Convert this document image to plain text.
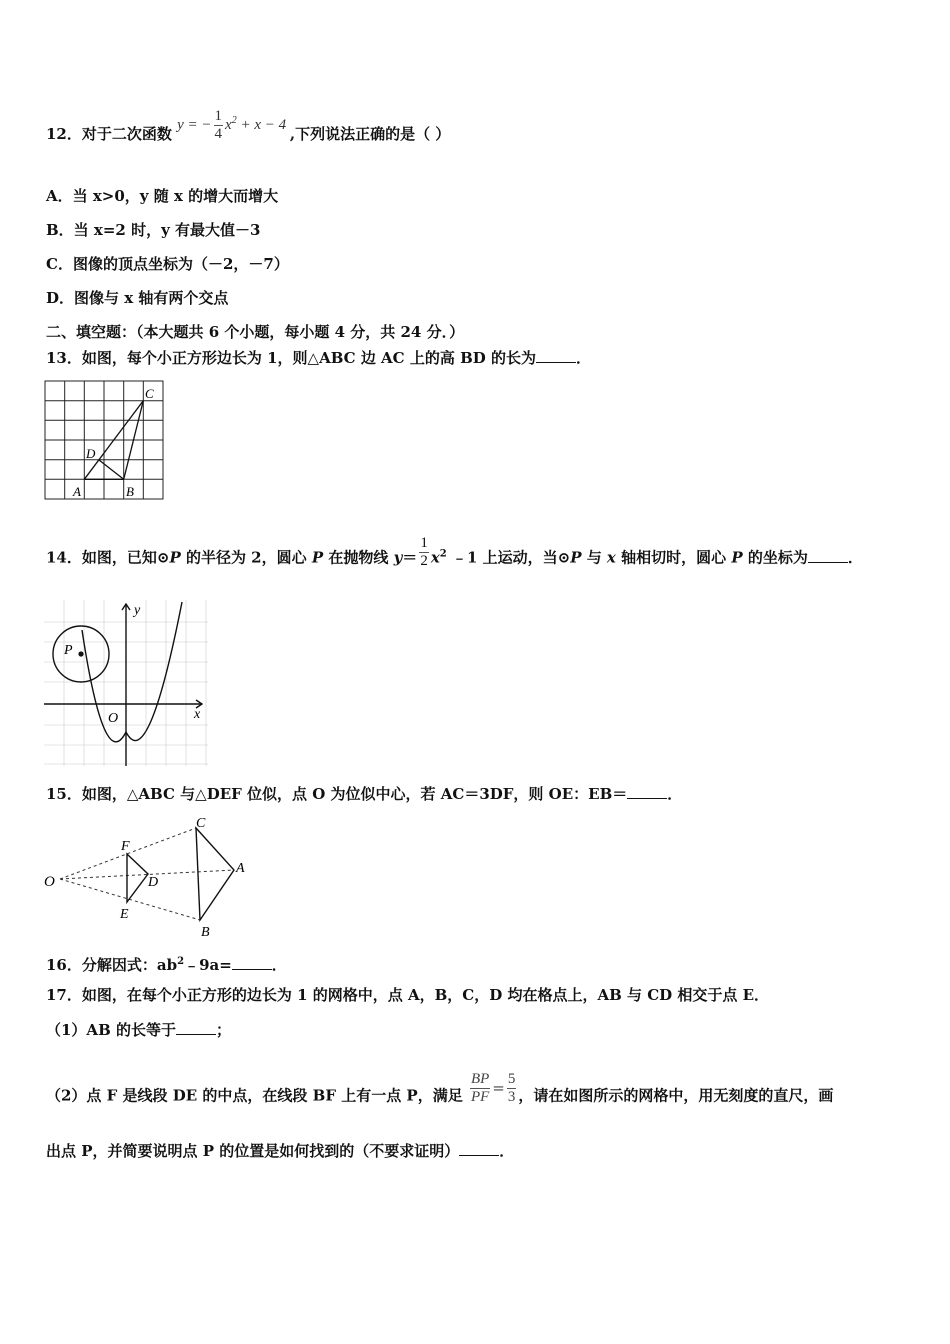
12．对于二次函数 y = − $\frac{1}{4} x^2 + x - 4$ ,下列说法正确的是（ ）
A．当 x>0，y 随 x 的增大而增大
B．当 x=2 时，y 有最大值－3
C．图像的顶点坐标为（－2，－7）
D．图像与 x 轴有两个交点
二、填空题：（本大题共 6 个小题，每小题 4 分，共 24 分．）
13．如图，每个小正方形边长为 1，则△ABC 边 AC 上的高 BD 的长为	．
C
D
A	B
14．如图，已知⊙P 的半径为 2，圆心 P 在抛物线 $y= \frac{1}{2} x^2$ ﹣1 上运动，当⊙P 与 x 轴相切时，圆心 P 的坐标为	．
P
y
x
O
15．如图，△ABC 与△DEF 位似，点 O 为位似中心，若 AC＝3DF，则 OE：EB＝	．
O
F
D
E
C
A
B
16．分解因式：$ab^2﹣9a=$	．
17．如图，在每个小正方形的边长为 1 的网格中，点 A，B，C，D 均在格点上，AB 与 CD 相交于点 E．
（1）AB 的长等于	；
（2）点 F 是线段 DE 的中点，在线段 BF 上有一点 P，满足 $\frac{BP}{PF} = \frac{5}{3}$ ，请在如图所示的网格中，用无刻度的直尺，画
出点 P，并简要说明点 P 的位置是如何找到的（不要求证明）	．
